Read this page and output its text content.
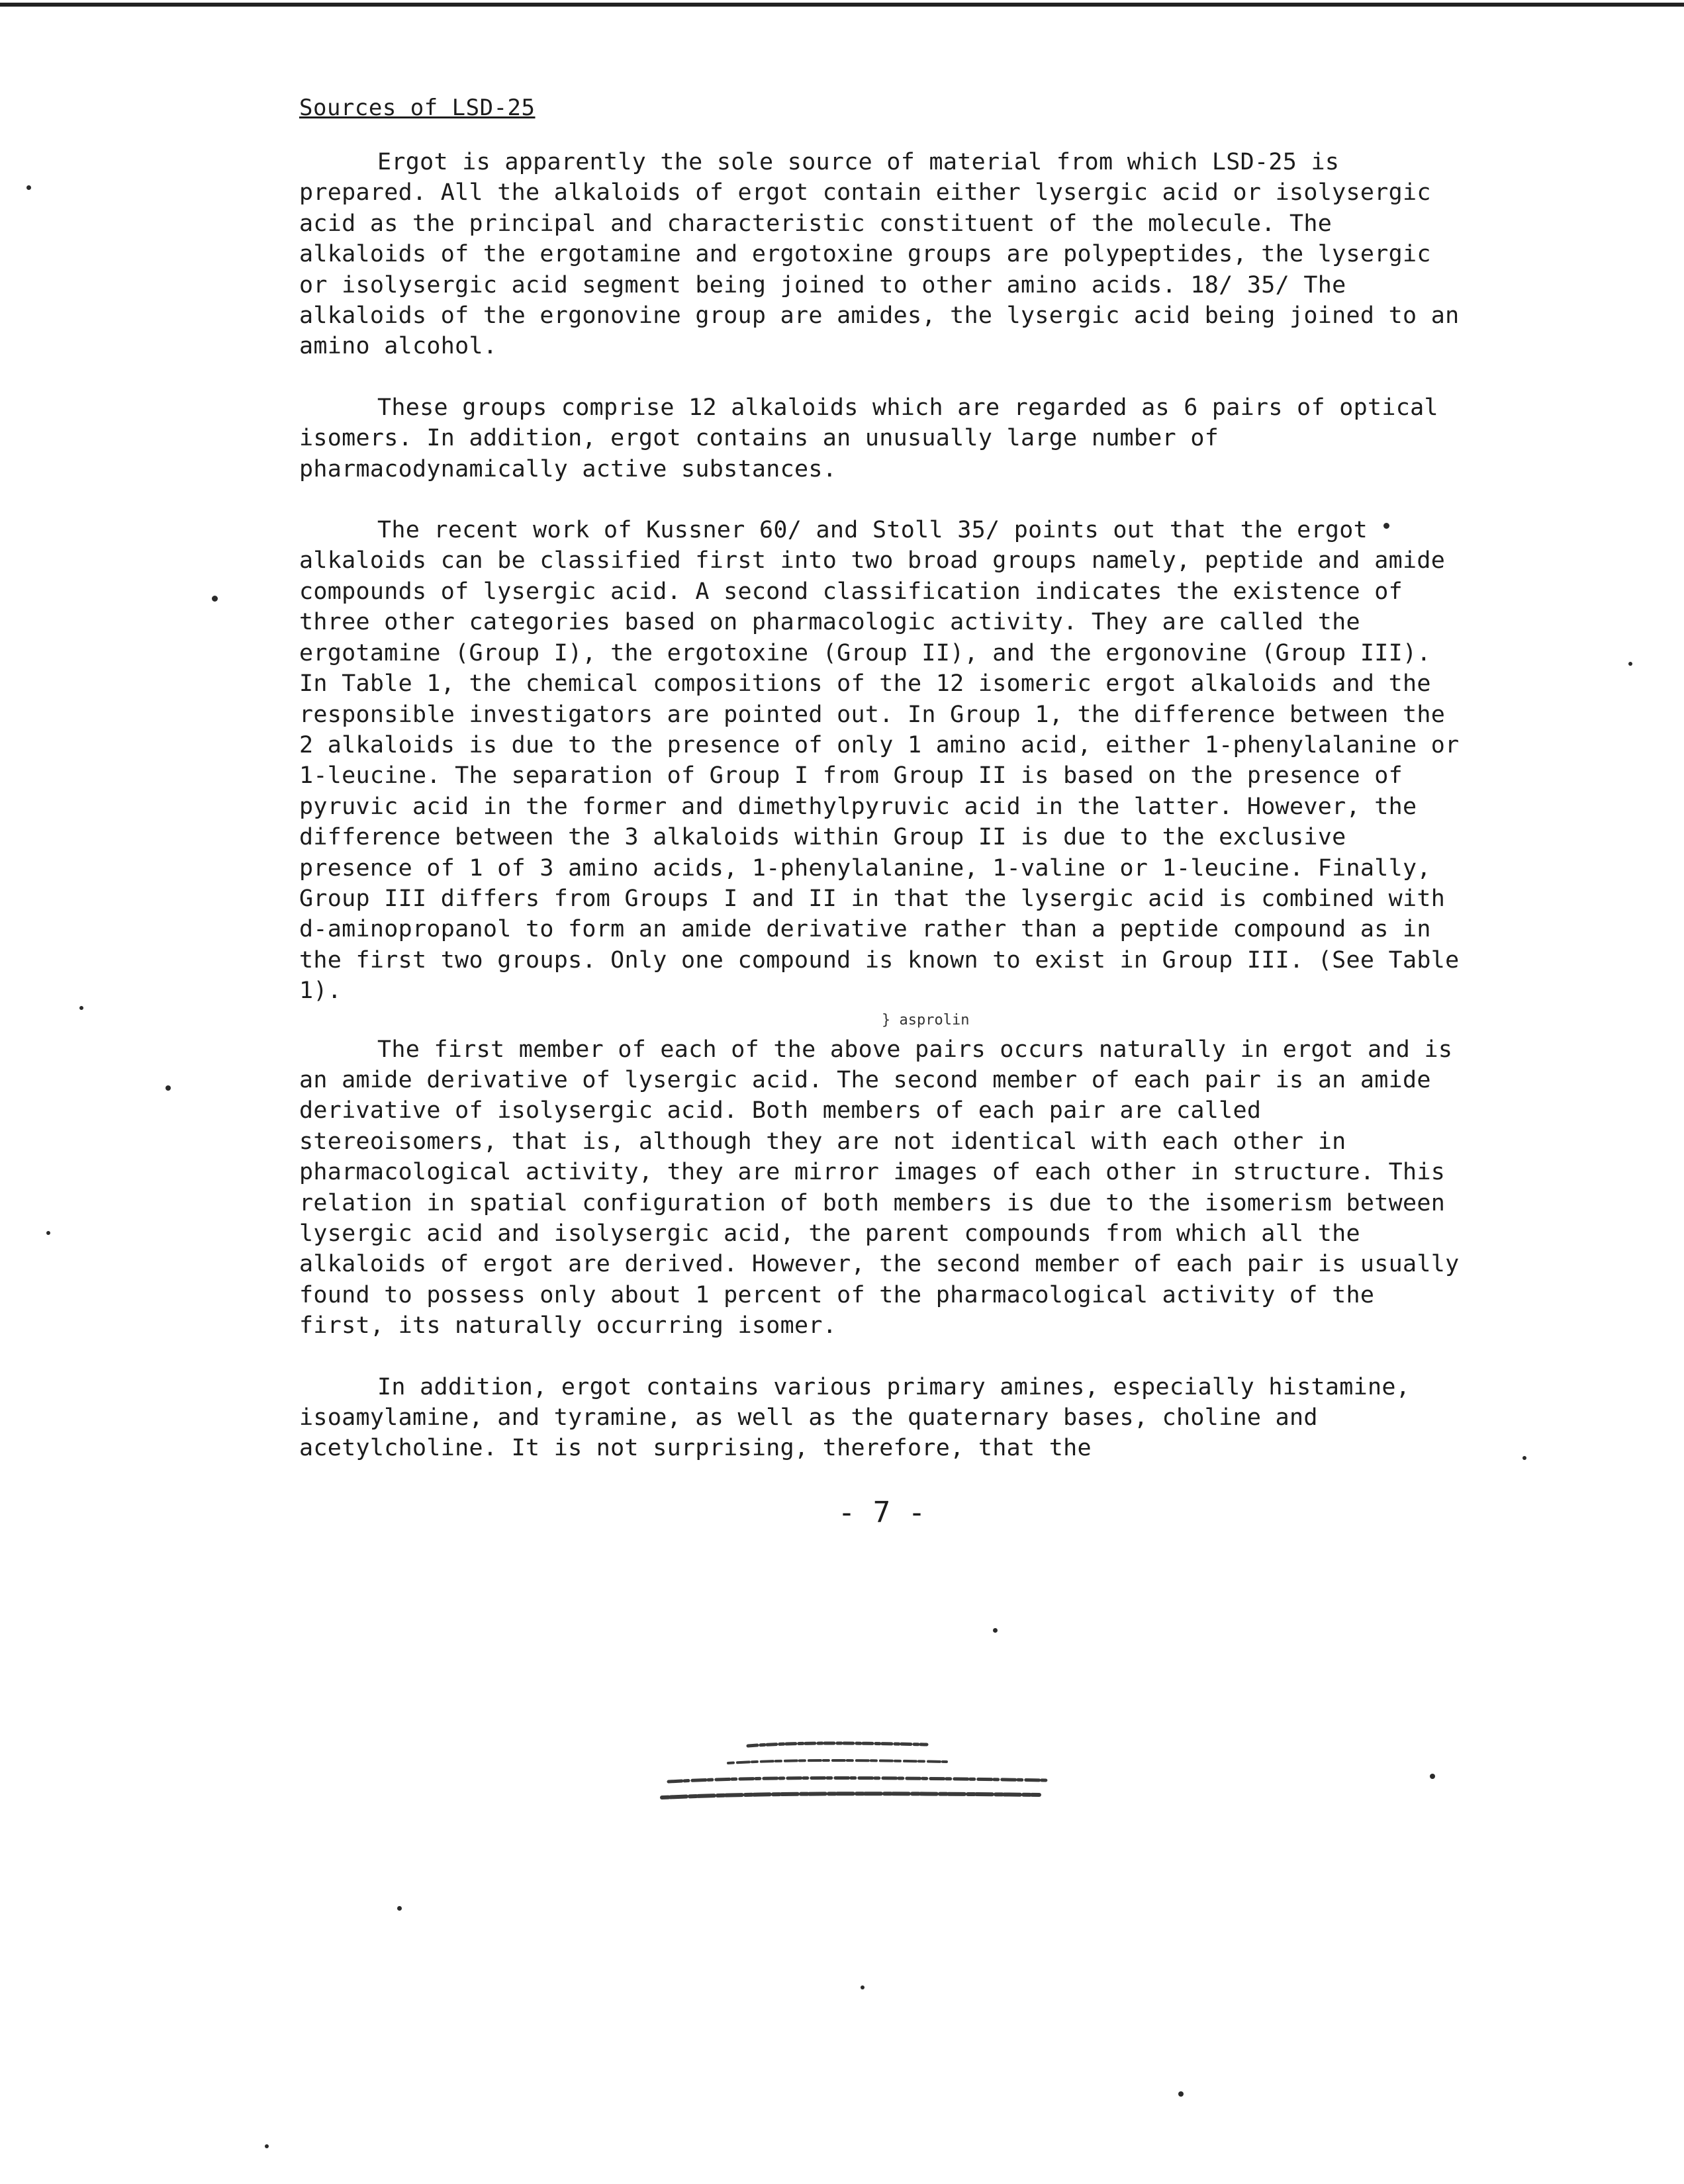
Sources of LSD-25

Ergot is apparently the sole source of material from which LSD-25 is prepared. All the alkaloids of ergot contain either lysergic acid or isolysergic acid as the principal and characteristic constituent of the molecule. The alkaloids of the ergotamine and ergotoxine groups are polypeptides, the lysergic or isolysergic acid segment being joined to other amino acids. 18/ 35/ The alkaloids of the ergonovine group are amides, the lysergic acid being joined to an amino alcohol.

These groups comprise 12 alkaloids which are regarded as 6 pairs of optical isomers. In addition, ergot contains an unusually large number of pharmacodynamically active substances.

The recent work of Kussner 60/ and Stoll 35/ points out that the ergot alkaloids can be classified first into two broad groups namely, peptide and amide compounds of lysergic acid. A second classification indicates the existence of three other categories based on pharmacologic activity. They are called the ergotamine (Group I), the ergotoxine (Group II), and the ergonovine (Group III). In Table 1, the chemical compositions of the 12 isomeric ergot alkaloids and the responsible investigators are pointed out. In Group 1, the difference between the 2 alkaloids is due to the presence of only 1 amino acid, either 1-phenylalanine or 1-leucine. The separation of Group I from Group II is based on the presence of pyruvic acid in the former and dimethylpyruvic acid in the latter. However, the difference between the 3 alkaloids within Group II is due to the exclusive presence of 1 of 3 amino acids, 1-phenylalanine, 1-valine or 1-leucine. Finally, Group III differs from Groups I and II in that the lysergic acid is combined with d-aminopropanol to form an amide derivative rather than a peptide compound as in the first two groups. Only one compound is known to exist in Group III. (See Table 1).

} asprolin

The first member of each of the above pairs occurs naturally in ergot and is an amide derivative of lysergic acid. The second member of each pair is an amide derivative of isolysergic acid. Both members of each pair are called stereoisomers, that is, although they are not identical with each other in pharmacological activity, they are mirror images of each other in structure. This relation in spatial configuration of both members is due to the isomerism between lysergic acid and isolysergic acid, the parent compounds from which all the alkaloids of ergot are derived. However, the second member of each pair is usually found to possess only about 1 percent of the pharmacological activity of the first, its naturally occurring isomer.

In addition, ergot contains various primary amines, especially histamine, isoamylamine, and tyramine, as well as the quaternary bases, choline and acetylcholine. It is not surprising, therefore, that the

- 7 -
